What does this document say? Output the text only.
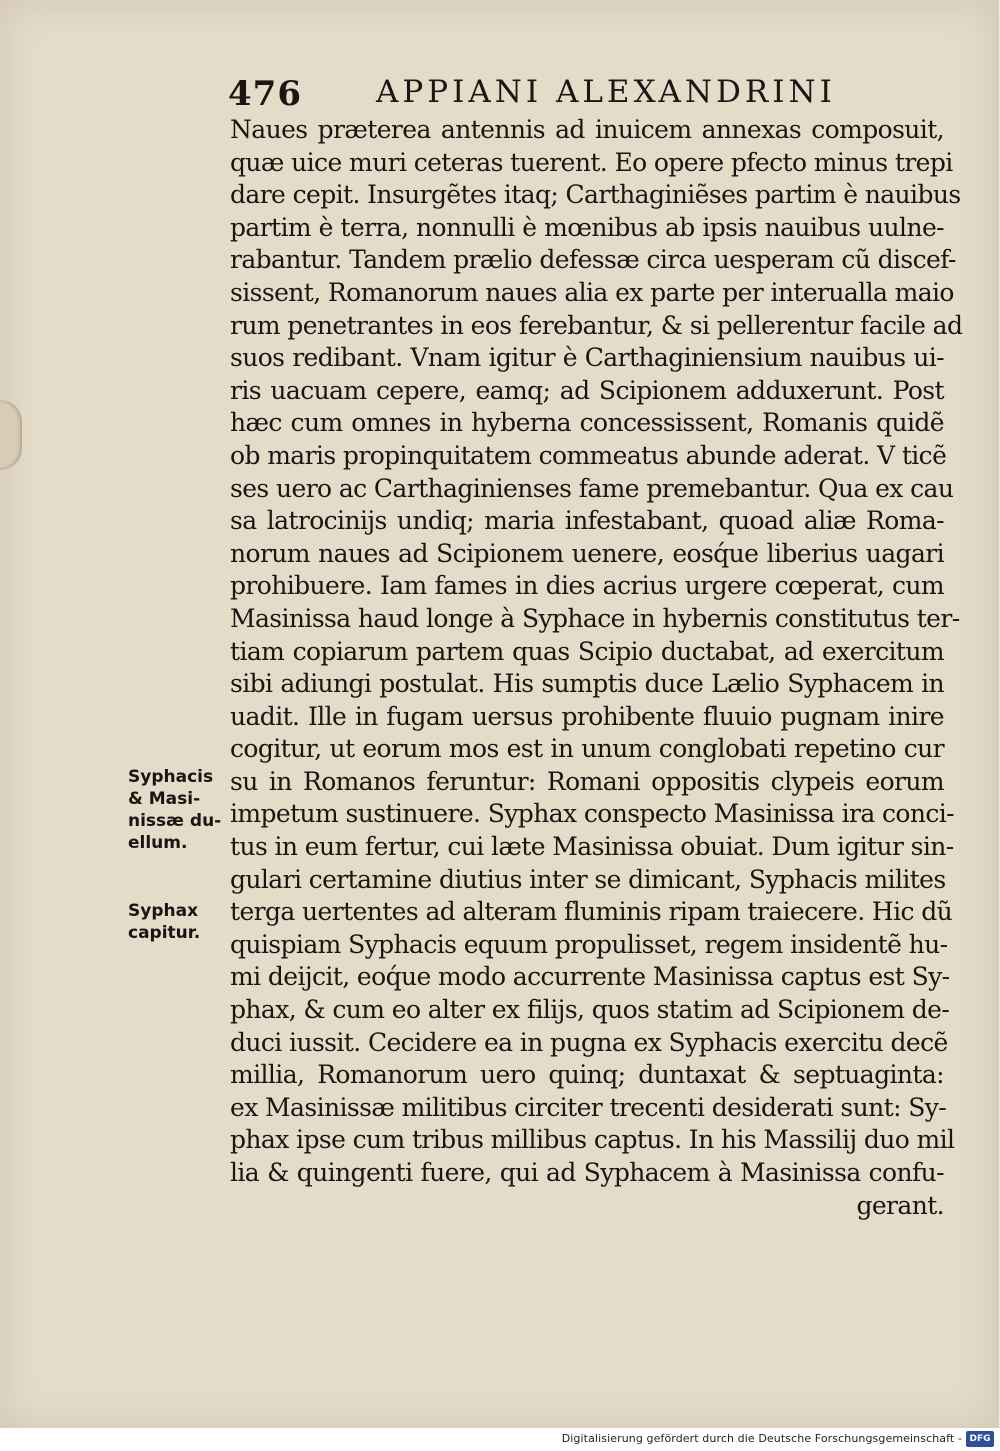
476 APPIANI ALEXANDRINI
Naues præterea antennis ad inuicem annexas composuit,
quæ uice muri ceteras tuerent. Eo opere pfecto minus trepi
dare cepit. Insurgẽtes itaq; Carthaginiẽses partim è nauibus
partim è terra, nonnulli è mœnibus ab ipsis nauibus uulne-
rabantur. Tandem prælio defessæ circa uesperam cũ discef-
sissent, Romanorum naues alia ex parte per interualla maio
rum penetrantes in eos ferebantur, & si pellerentur facile ad
suos redibant. Vnam igitur è Carthaginiensium nauibus ui-
ris uacuam cepere, eamq; ad Scipionem adduxerunt. Post
hæc cum omnes in hyberna concessissent, Romanis quidẽ
ob maris propinquitatem commeatus abunde aderat. V ticẽ
ses uero ac Carthaginienses fame premebantur. Qua ex cau
sa latrocinijs undiq; maria infestabant, quoad aliæ Roma-
norum naues ad Scipionem uenere, eosq́ue liberius uagari
prohibuere. Iam fames in dies acrius urgere cœperat, cum
Masinissa haud longe à Syphace in hybernis constitutus ter-
tiam copiarum partem quas Scipio ductabat, ad exercitum
sibi adiungi postulat. His sumptis duce Lælio Syphacem in
uadit. Ille in fugam uersus prohibente fluuio pugnam inire
cogitur, ut eorum mos est in unum conglobati repetino cur
su in Romanos feruntur: Romani oppositis clypeis eorum
impetum sustinuere. Syphax conspecto Masinissa ira conci-
tus in eum fertur, cui læte Masinissa obuiat. Dum igitur sin-
gulari certamine diutius inter se dimicant, Syphacis milites
terga uertentes ad alteram fluminis ripam traiecere. Hic dũ
quispiam Syphacis equum propulisset, regem insidentẽ hu-
mi deijcit, eoq́ue modo accurrente Masinissa captus est Sy-
phax, & cum eo alter ex filijs, quos statim ad Scipionem de-
duci iussit. Cecidere ea in pugna ex Syphacis exercitu decẽ
millia, Romanorum uero quinq; duntaxat & septuaginta:
ex Masinissæ militibus circiter trecenti desiderati sunt: Sy-
phax ipse cum tribus millibus captus. In his Massilij duo mil
lia & quingenti fuere, qui ad Syphacem à Masinissa confu-
gerant.
Syphacis
& Masi-
nissæ du-
ellum.
Syphax
capitur.
Digitalisierung gefördert durch die Deutsche Forschungsgemeinschaft - DFG
